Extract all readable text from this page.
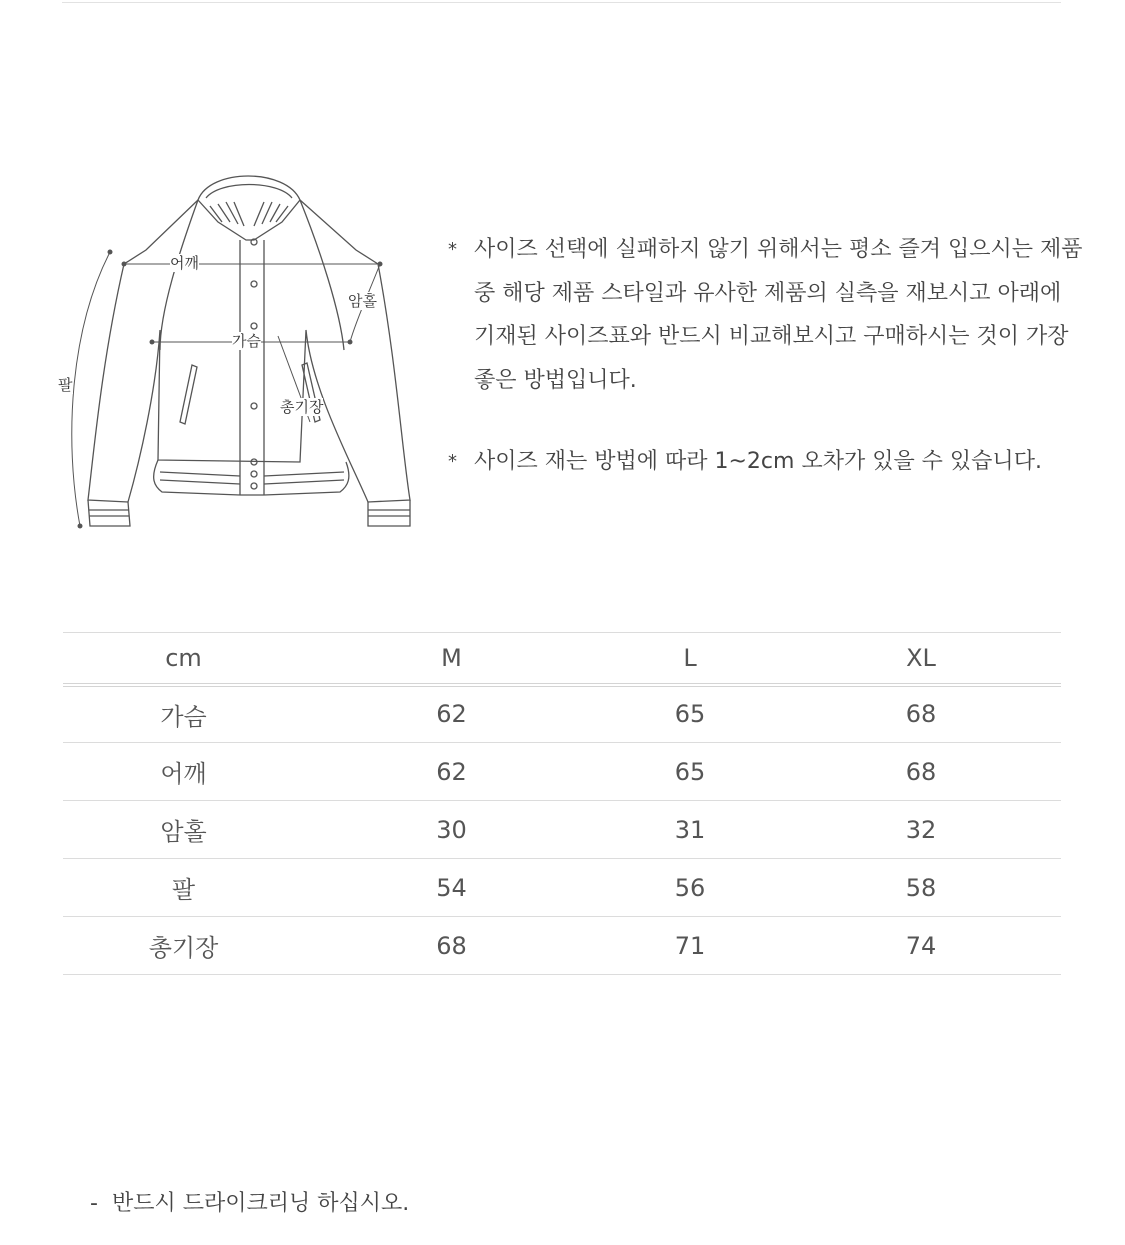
어깨
암홀
가슴
팔
총기장
* 사이즈 선택에 실패하지 않기 위해서는 평소 즐겨 입으시는 제품 중 해당 제품 스타일과 유사한 제품의 실측을 재보시고 아래에 기재된 사이즈표와 반드시 비교해보시고 구매하시는 것이 가장 좋은 방법입니다.
* 사이즈 재는 방법에 따라 1~2cm 오차가 있을 수 있습니다.
cm	M	L	XL
가슴	62	65	68
어깨	62	65	68
암홀	30	31	32
팔	54	56	58
총기장	68	71	74
- 반드시 드라이크리닝 하십시오.
